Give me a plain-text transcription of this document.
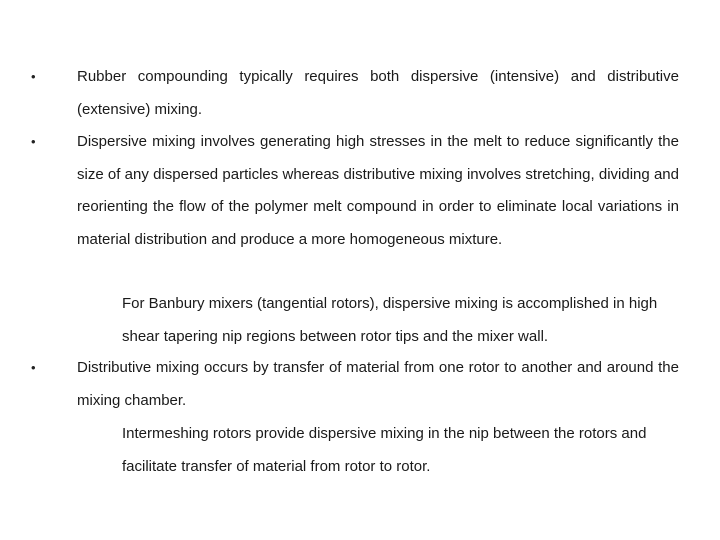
•	Rubber compounding typically requires both dispersive (intensive) and distributive (extensive) mixing.
•	Dispersive mixing involves generating high stresses in the melt to reduce significantly the size of any dispersed particles whereas distributive mixing involves stretching, dividing and reorienting the flow of the polymer melt compound in order to eliminate local variations in material distribution and produce a more homogeneous mixture.
For Banbury mixers (tangential rotors), dispersive mixing is accomplished in high shear tapering nip regions between rotor tips and the mixer wall.
•	Distributive mixing occurs by transfer of material from one rotor to another and around the mixing chamber.
Intermeshing rotors provide dispersive mixing in the nip between the rotors and facilitate transfer of material from rotor to rotor.
